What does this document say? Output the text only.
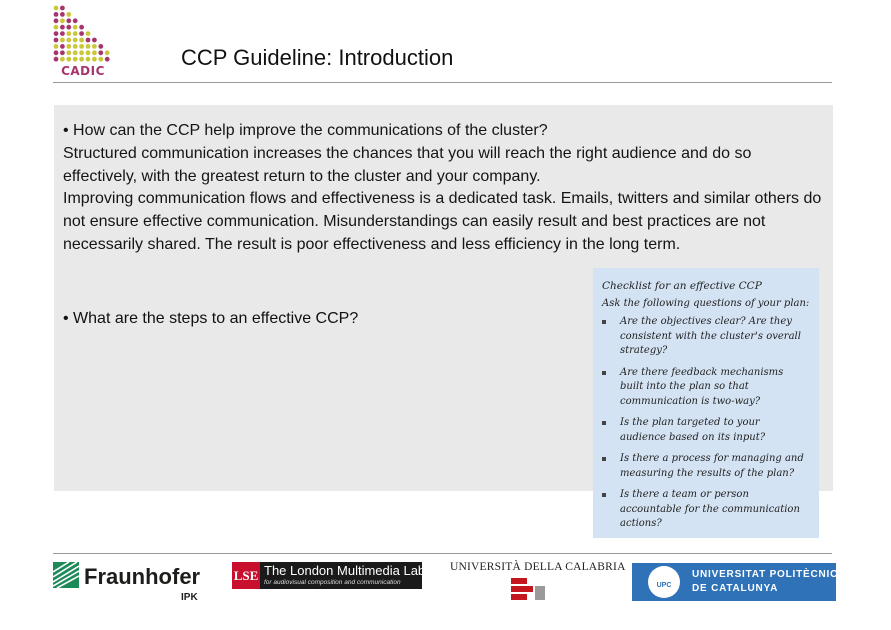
CADIC
CCP Guideline: Introduction

• How can the CCP help improve the communications of the cluster?

Structured communication increases the chances that you will reach the right audience and do so effectively, with the greatest return to the cluster and your company.

Improving communication flows and effectiveness is a dedicated task. Emails, twitters and similar others do not ensure effective communication. Misunderstandings can easily result and best practices are not necessarily shared. The result is poor effectiveness and less efficiency in the long term.

• What are the steps to an effective CCP?
Checklist for an effective CCP
Ask the following questions of your plan:
Are the objectives clear? Are they consistent with the cluster's overall strategy?
Are there feedback mechanisms built into the plan so that communication is two-way?
Is the plan targeted to your audience based on its input?
Is there a process for managing and measuring the results of the plan?
Is there a team or person accountable for the communication actions?
Fraunhofer
IPK
LSE The London Multimedia Lab
for audiovisual composition and communication
UNIVERSITÀ DELLA CALABRIA
UPC
UNIVERSITAT POLITÈCNICA
DE CATALUNYA
